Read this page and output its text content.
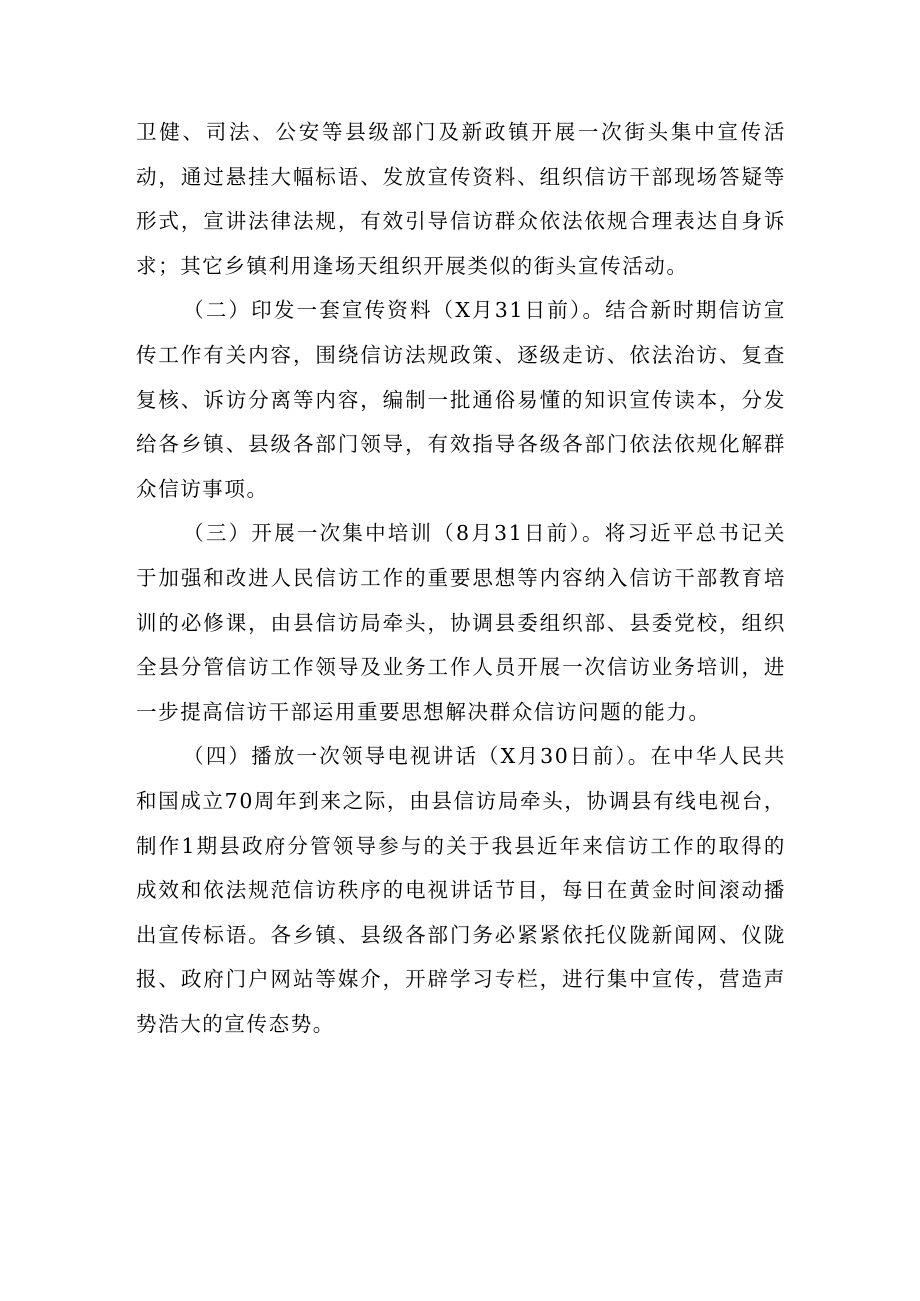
卫健、司法、公安等县级部门及新政镇开展一次街头集中宣传活动，通过悬挂大幅标语、发放宣传资料、组织信访干部现场答疑等形式，宣讲法律法规，有效引导信访群众依法依规合理表达自身诉求；其它乡镇利用逢场天组织开展类似的街头宣传活动。

（二）印发一套宣传资料（X月31日前）。结合新时期信访宣传工作有关内容，围绕信访法规政策、逐级走访、依法治访、复查复核、诉访分离等内容，编制一批通俗易懂的知识宣传读本，分发给各乡镇、县级各部门领导，有效指导各级各部门依法依规化解群众信访事项。

（三）开展一次集中培训（8月31日前）。将习近平总书记关于加强和改进人民信访工作的重要思想等内容纳入信访干部教育培训的必修课，由县信访局牵头，协调县委组织部、县委党校，组织全县分管信访工作领导及业务工作人员开展一次信访业务培训，进一步提高信访干部运用重要思想解决群众信访问题的能力。

（四）播放一次领导电视讲话（X月30日前）。在中华人民共和国成立70周年到来之际，由县信访局牵头，协调县有线电视台，制作1期县政府分管领导参与的关于我县近年来信访工作的取得的成效和依法规范信访秩序的电视讲话节目，每日在黄金时间滚动播出宣传标语。各乡镇、县级各部门务必紧紧依托仪陇新闻网、仪陇报、政府门户网站等媒介，开辟学习专栏，进行集中宣传，营造声势浩大的宣传态势。
